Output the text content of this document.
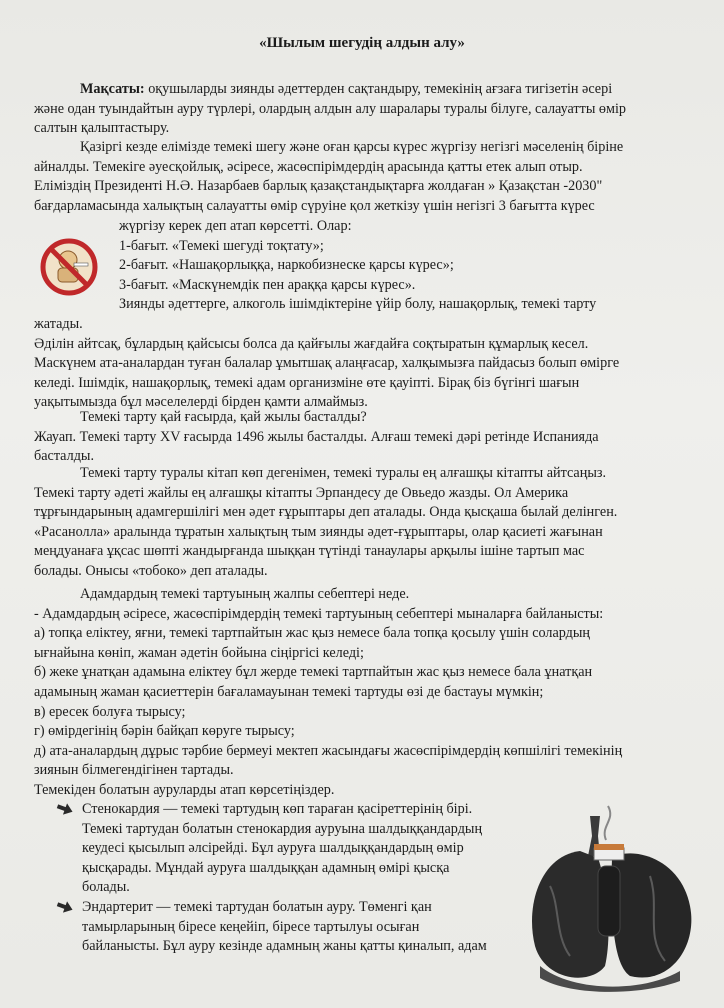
«Шылым шегудің алдын алу»
Мақсаты: оқушыларды зиянды әдеттерден сақтандыру, темекінің ағзаға тигізетін әсері
және одан туындайтын ауру түрлері, олардың алдын алу шаралары туралы білуге, салауатты өмір
салтын қалыптастыру.
Қазіргі кезде елімізде темекі шегу және оған қарсы күрес жүргізу негізгі мәселенің біріне
айналды. Темекіге әуесқойлық, әсіресе, жасөспірімдердің арасында қатты етек алып отыр.
Еліміздің Президенті Н.Ә. Назарбаев барлық қазақстандықтарға жолдаған » Қазақстан -2030"
бағдарламасында халықтың салауатты өмір сүруіне қол жеткізу үшін негізгі 3 бағытта күрес
жүргізу керек деп атап көрсетті. Олар:
1-бағыт. «Темекі шегуді тоқтату»;
2-бағыт. «Нашақорлыққа, наркобизнеске қарсы күрес»;
3-бағыт. «Маскүнемдік пен араққа қарсы күрес».
Зиянды әдеттерге, алкоголь ішімдіктеріне үйір болу, нашақорлық, темекі тарту
жатады.
Әділін айтсақ, бұлардың қайсысы болса да қайғылы жағдайға соқтыратын құмарлық кесел.
Маскүнем ата-аналардан туған балалар ұмытшақ алаңғасар, халқымызға пайдасыз болып өмірге
келеді. Ішімдік, нашақорлық, темекі адам организміне өте қауіпті. Бірақ біз бүгінгі шағын
уақытымызда бұл мәселелерді бірден қамти алмаймыз.
Темекі тарту қай ғасырда, қай жылы басталды?
Жауап. Темекі тарту XV ғасырда 1496 жылы басталды. Алғаш темекі дәрі ретінде Испанияда
басталды.
Темекі тарту туралы кітап көп дегенімен, темекі туралы ең алғашқы кітапты айтсаңыз.
Темекі тарту әдеті жайлы ең алғашқы кітапты Эрпандесу де Овьедо жазды. Ол Америка
тұрғындарының адамгершілігі мен әдет ғұрыптары деп аталады. Онда қысқаша былай делінген.
«Расанолла» аралында тұратын халықтың тым зиянды әдет-ғұрыптары, олар қасиеті жағынан
меңдуанаға ұқсас шөпті жандырғанда шыққан түтінді танаулары арқылы ішіне тартып мас
болады. Онысы «тобоко» деп аталады.
Адамдардың темекі тартуының жалпы себептері неде.
- Адамдардың әсіресе, жасөспірімдердің темекі тартуының себептері мыналарға байланысты:
а) топқа еліктеу, яғни, темекі тартпайтын жас қыз немесе бала топқа қосылу үшін солардың
ығнайына көніп, жаман әдетін бойына сіңіргісі келеді;
б) жеке ұнатқан адамына еліктеу бұл жерде темекі тартпайтын жас қыз немесе бала ұнатқан
адамының жаман қасиеттерін бағаламауынан темекі тартуды өзі де бастауы мүмкін;
в) ересек болуға тырысу;
г) өмірдегінің бәрін байқап көруге тырысу;
д) ата-аналардың дұрыс тәрбие бермеуі мектеп жасындағы жасөспірімдердің көпшілігі темекінің
зиянын білмегендігінен тартады.
Темекіден болатын ауруларды атап көрсетіңіздер.
Стенокардия — темекі тартудың көп тараған қасіреттерінің бірі.
Темекі тартудан болатын стенокардия ауруына шалдыққандардың
кеудесі қысылып әлсірейді. Бұл ауруға шалдыққандардың өмір
қысқарады. Мұндай ауруға шалдыққан адамның өмірі қысқа
болады.
Эндартерит — темекі тартудан болатын ауру. Төменгі қан
тамырларының біресе кеңейіп, біресе тартылуы осыған
байланысты. Бұл ауру кезінде адамның жаны қатты қиналып, адам
